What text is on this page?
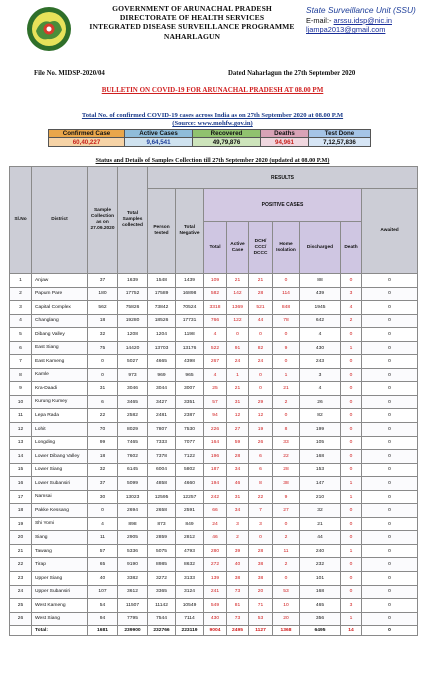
GOVERNMENT OF ARUNACHAL PRADESH
DIRECTORATE OF HEALTH SERVICES
INTEGRATED DISEASE SURVEILLANCE PROGRAMME
NAHARLAGUN
State Surveillance Unit (SSU)
E-mail:- arssu.idsp@nic.in
ljampa2013@gmail.com
File No. MIDSP-2020/04	Dated Naharlagun the 27th September 2020
BULLETIN ON COVID-19 FOR ARUNACHAL PRADESH AT 08.00 PM
Total No. of confirmed COVID-19 cases across India as on 27th September 2020 at 08.00 P.M
(Source: www.mohfw.gov.in)
Confirmed Case	Active Cases	Recovered	Deaths	Test Done
60,40,227	9,64,541	49,79,876	94,961	7,12,57,836
Status and Details of Samples Collection till 27th September 2020 (updated at 08.00 P.M)
Sl.No	District	Sample Collection as on 27.09.2020	Total Samples collected	RESULTS								
				Person tested	Total Negative	POSITIVE CASES						Awaited
						Total	Active Case	DCH/ CCC/ DCCC	Home Isolation	Discharged	Death	
1	Anjaw	37	1639	1548	1439	109	21	21	0	88	0	0
2	Papum Pare	180	17752	17589	16898	582	142	28	114	439	3	0
3	Capital Complex	562	75826	73842	70524	3318	1369	521	848	1945	4	0
4	Changlang	18	19280	18526	17731	766	122	44	78	642	2	0
5	Dibang Valley	32	1208	1204	1198	4	0	0	0	4	0	0
6	East Siang	75	14420	13703	13176	522	91	82	9	430	1	0
7	East Kameng	0	5027	4665	4398	267	24	24	0	243	0	0
8	Kamle	0	973	969	965	4	1	0	1	3	0	0
9	Kra-Daadi	31	3046	3044	3007	25	21	0	21	4	0	0
10	Kurung Kumey	6	3465	3427	3351	57	31	29	2	26	0	0
11	Lepa Rada	22	2582	2481	2387	94	12	12	0	82	0	0
12	Lohit	70	8029	7807	7530	226	27	19	8	199	0	0
13	Longding	99	7465	7333	7077	164	59	26	33	105	0	0
14	Lower Dibang Valley	18	7602	7378	7122	196	28	6	22	168	0	0
15	Lower Siang	32	6145	6004	5802	187	34	6	28	153	0	0
16	Lower Subansiri	37	5099	4858	4660	194	46	8	38	147	1	0
17	Namsai	30	13023	12595	12257	242	31	22	9	210	1	0
18	Pakke Kessang	0	2694	2658	2591	66	34	7	27	32	0	0
19	Shi Yomi	4	898	873	849	24	3	3	0	21	0	0
20	Siang	11	2905	2859	2812	46	2	0	2	44	0	0
21	Tawang	57	5336	5075	4793	280	39	28	11	240	1	0
22	Tirap	65	9190	8985	8632	272	40	38	2	232	0	0
23	Upper Siang	40	3382	3272	3133	139	38	38	0	101	0	0
24	Upper Subansiri	107	3612	3365	3124	241	73	20	53	168	0	0
25	West Kameng	54	11507	11142	10549	549	81	71	10	465	3	0
26	West Siang	94	7795	7544	7114	430	73	53	20	356	1	0
	Total:	1681	239900	232766	223119	9004	2495	1127	1368	6495	14	0
